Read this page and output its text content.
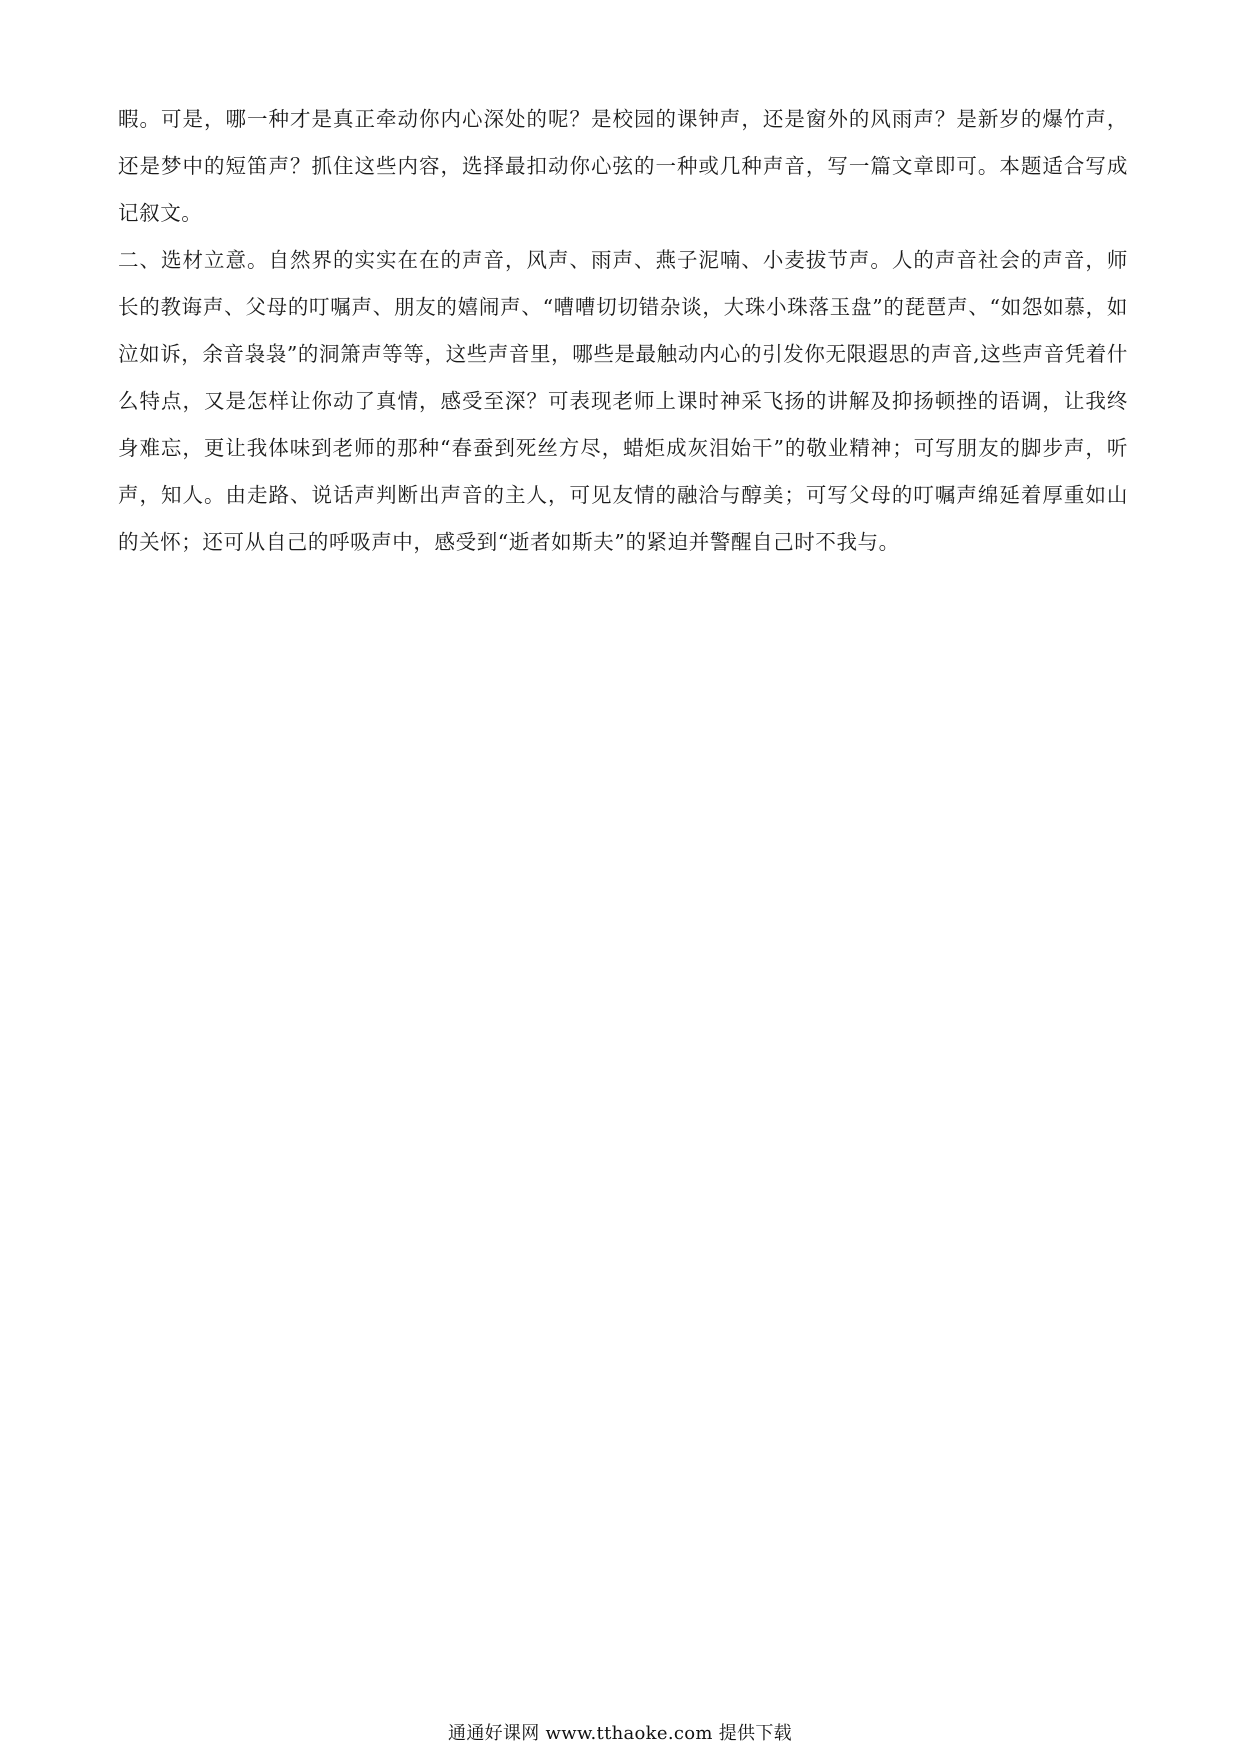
暇。可是，哪一种才是真正牵动你内心深处的呢？是校园的课钟声，还是窗外的风雨声？是新岁的爆竹声，还是梦中的短笛声？抓住这些内容，选择最扣动你心弦的一种或几种声音，写一篇文章即可。本题适合写成记叙文。

二、选材立意。自然界的实实在在的声音，风声、雨声、燕子泥喃、小麦拔节声。人的声音社会的声音，师长的教诲声、父母的叮嘱声、朋友的嬉闹声、“嘈嘈切切错杂谈，大珠小珠落玉盘”的琵琶声、“如怨如慕，如泣如诉，余音袅袅”的洞箫声等等，这些声音里，哪些是最触动内心的引发你无限遐思的声音,这些声音凭着什么特点，又是怎样让你动了真情，感受至深？可表现老师上课时神采飞扬的讲解及抑扬顿挫的语调，让我终身难忘，更让我体味到老师的那种“春蚕到死丝方尽，蜡炬成灰泪始干”的敬业精神；可写朋友的脚步声，听声，知人。由走路、说话声判断出声音的主人，可见友情的融洽与醇美；可写父母的叮嘱声绵延着厚重如山的关怀；还可从自己的呼吸声中，感受到“逝者如斯夫”的紧迫并警醒自己时不我与。

通通好课网 www.tthaoke.com 提供下载
